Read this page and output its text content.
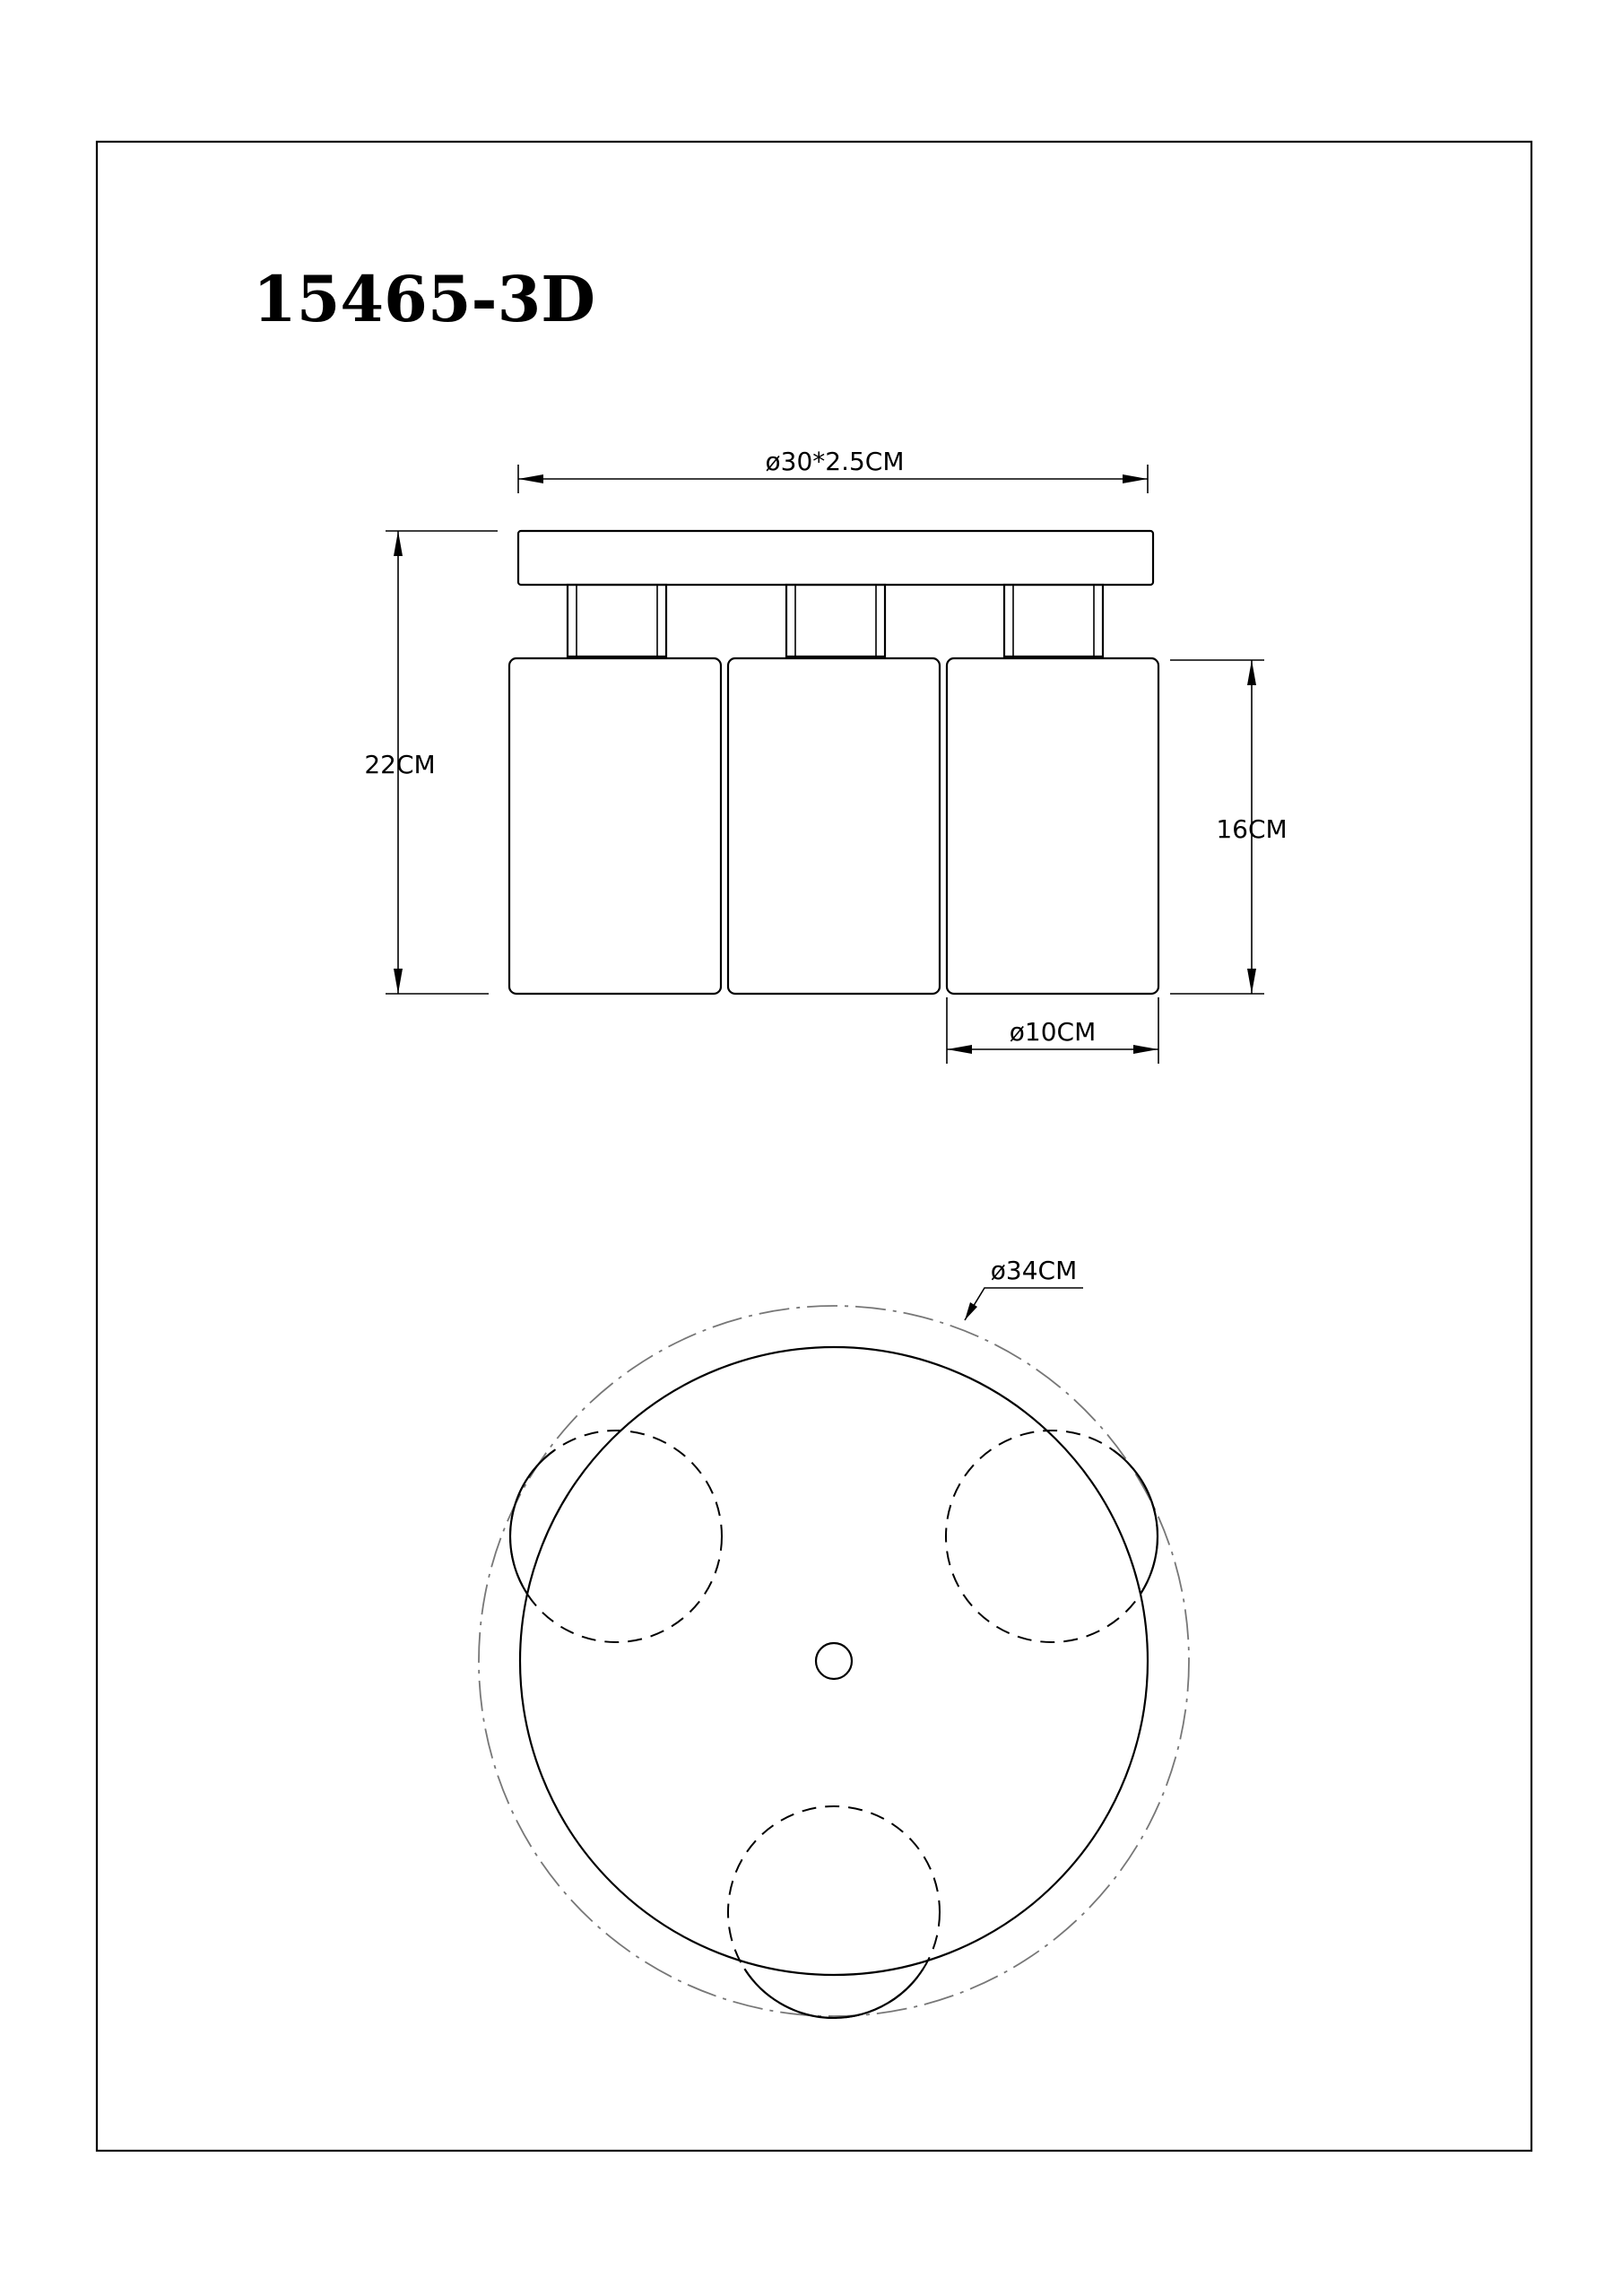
15465-3D
ø30*2.5CM
22CM
16CM
ø10CM
ø34CM
